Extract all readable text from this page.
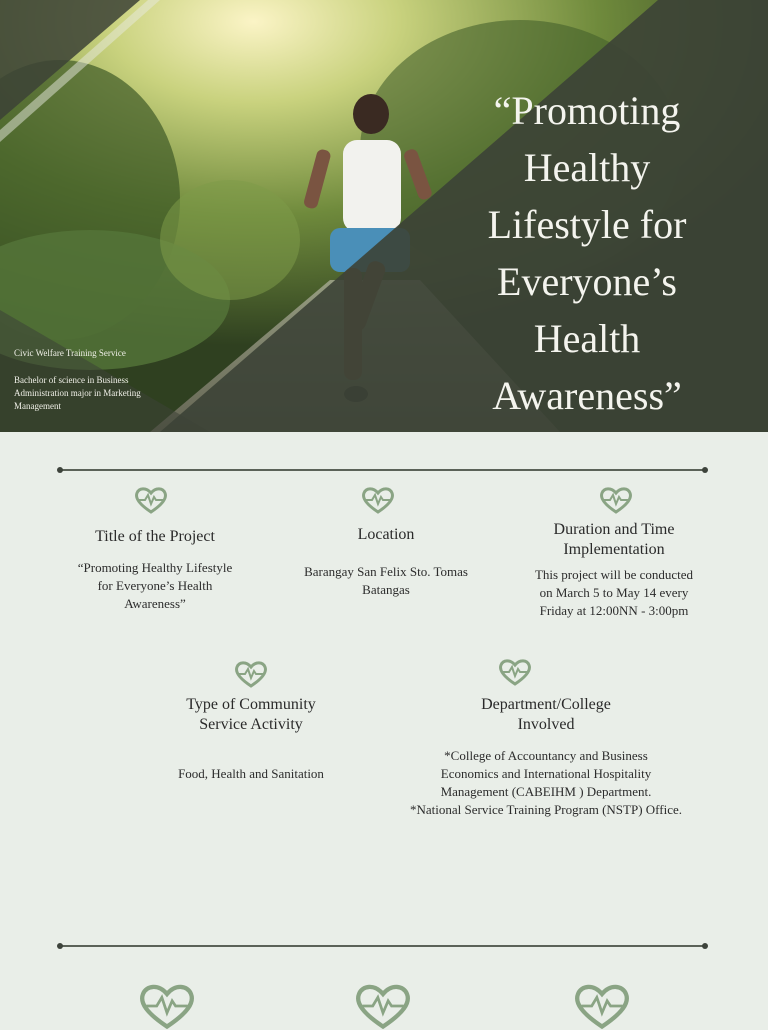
“Promoting Healthy Lifestyle for Everyone’s Health Awareness”
Civic Welfare Training Service
Bachelor of science in Business Administration major in Marketing Management
Title of the Project
“Promoting Healthy Lifestyle for Everyone’s Health Awareness”
Location
Barangay San Felix Sto. Tomas Batangas
Duration and Time Implementation
This project will be conducted on March 5 to May 14 every Friday at 12:00NN - 3:00pm
Type of Community Service Activity
Food, Health and Sanitation
Department/College Involved
*College of Accountancy and Business Economics and International Hospitality Management (CABEIHM ) Department.
*National Service Training Program (NSTP) Office.
